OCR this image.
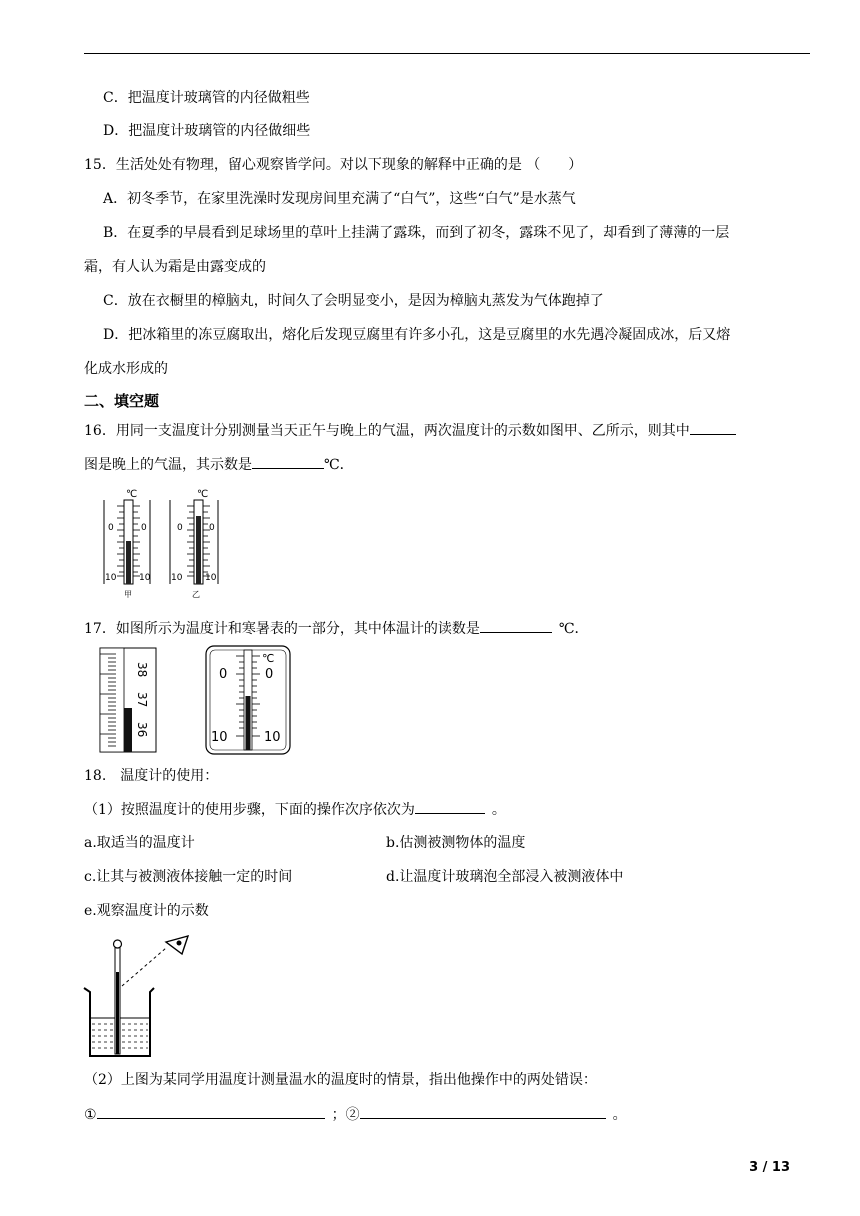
C．把温度计玻璃管的内径做粗些
D．把温度计玻璃管的内径做细些
15．生活处处有物理，留心观察皆学问。对以下现象的解释中正确的是 （　　）
A．初冬季节，在家里洗澡时发现房间里充满了“白气”，这些“白气”是水蒸气
B．在夏季的早晨看到足球场里的草叶上挂满了露珠，而到了初冬，露珠不见了，却看到了薄薄的一层
霜，有人认为霜是由露变成的
C．放在衣橱里的樟脑丸，时间久了会明显变小，是因为樟脑丸蒸发为气体跑掉了
D．把冰箱里的冻豆腐取出，熔化后发现豆腐里有许多小孔，这是豆腐里的水先遇冷凝固成冰，后又熔
化成水形成的
二、填空题
16．用同一支温度计分别测量当天正午与晚上的气温，两次温度计的示数如图甲、乙所示，则其中
图是晚上的气温，其示数是	℃．
℃
0	0
10	10
甲
℃
0	0
10	10
乙
17．如图所示为温度计和寒暑表的一部分，其中体温计的读数是 	℃．
38
37
36
℃
0	0
10	10
18.　温度计的使用：
（1）按照温度计的使用步骤，下面的操作次序依次为 	。
a.取适当的温度计	b.估测被测物体的温度
c.让其与被测液体接触一定的时间	d.让温度计玻璃泡全部浸入被测液体中
e.观察温度计的示数
（2）上图为某同学用温度计测量温水的温度时的情景，指出他操作中的两处错误：
① 	；② 	。
3 / 13
